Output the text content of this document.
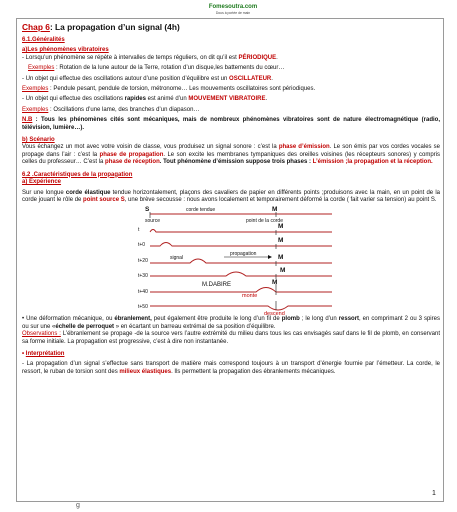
Fomesoutra.com
Dous à portée de main
Chap 6: La propagation d’un signal (4h)
6.1.Généralités
a)Les phénomènes vibratoires
- Lorsqu’un phénomène se répète à intervalles de temps réguliers, on dit qu’il est PÉRIODIQUE.
Exemples : Rotation de la lune autour de la Terre, rotation d’un disque,les battements du cœur…
- Un objet qui effectue des oscillations autour d’une position d’équilibre est un OSCILLATEUR.
Exemples : Pendule pesant, pendule de torsion, métronome… Les mouvements oscillatoires sont périodiques.
- Un objet qui effectue des oscillations rapides est animé d’un MOUVEMENT VIBRATOIRE.
Exemples : Oscillations d’une lame, des branches d’un diapason…
N.B : Tous les phénomènes cités sont mécaniques, mais de nombreux phénomènes vibratoires sont de nature électromagnétique (radio, télévision, lumière…).
b) Scénario
Vous échangez un mot avec votre voisin de classe, vous produisez un signal sonore : c’est la phase d’émission. Le son émis par vos cordes vocales se propage dans l’air : c’est la phase de propagation. Le son excite les membranes tympaniques des oreilles voisines (les récepteurs sonores) y compris celles du professeur… C’est la phase de réception. Tout phénomène d’émission suppose trois phases : L’émission ;la propagation et la réception.
6.2 .Caractéristiques de la propagation
a) Expérience
Sur une longue corde élastique tendue horizontalement, plaçons des cavaliers de papier en différents points ;produisons avec la main, en un point de la corde jouant le rôle de point source S, une brève secousse : nous avons localement et temporairement déformé la corde ( fait varier sa tension) au point S.
S	corde tendue	M
source	point de la corde
t	M
t+0
M
propagation
t+20	signal	M
t+30
M
M.DABIRE	M
t+40
monte
t+50
descend
• Une déformation mécanique, ou ébranlement, peut également être produite le long d’un fil de plomb ; le long d’un ressort, en comprimant 2 ou 3 spires ou sur une «échelle de perroquet » en écartant un barreau extrémal de sa position d’équilibre.
Observations : L’ébranlement se propage -de la source vers l’autre extrémité du milieu dans tous les cas envisagés sauf dans le fil de plomb, en conservant sa forme initiale. La propagation est progressive, c’est à dire non instantanée.
• Interprétation
- La propagation d’un signal s’effectue sans transport de matière mais correspond toujours à un transport d’énergie fournie par l’émetteur. La corde, le ressort, le ruban de torsion sont des milieux élastiques. Ils permettent la propagation des ébranlements mécaniques.
1
g
